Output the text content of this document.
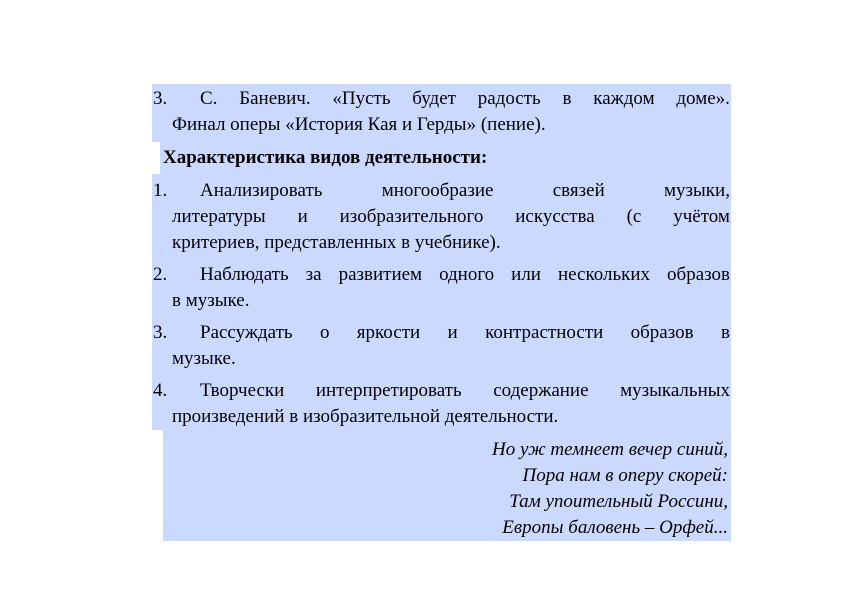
3. С. Баневич. «Пусть будет радость в каждом доме».
Финал оперы «История Кая и Герды» (пение).
Характеристика видов деятельности:
1. Анализировать	многообразие	связей	музыки,
литературы и изобразительного искусства (с учётом
критериев, представленных в учебнике).
2. Наблюдать за развитием одного или нескольких образов
в музыке.
3. Рассуждать о яркости и контрастности образов в
музыке.
4. Творчески интерпретировать содержание музыкальных
произведений в изобразительной деятельности.
Но уж темнеет вечер синий,
Пора нам в оперу скорей:
Там упоительный Россини,
Европы баловень – Орфей...
